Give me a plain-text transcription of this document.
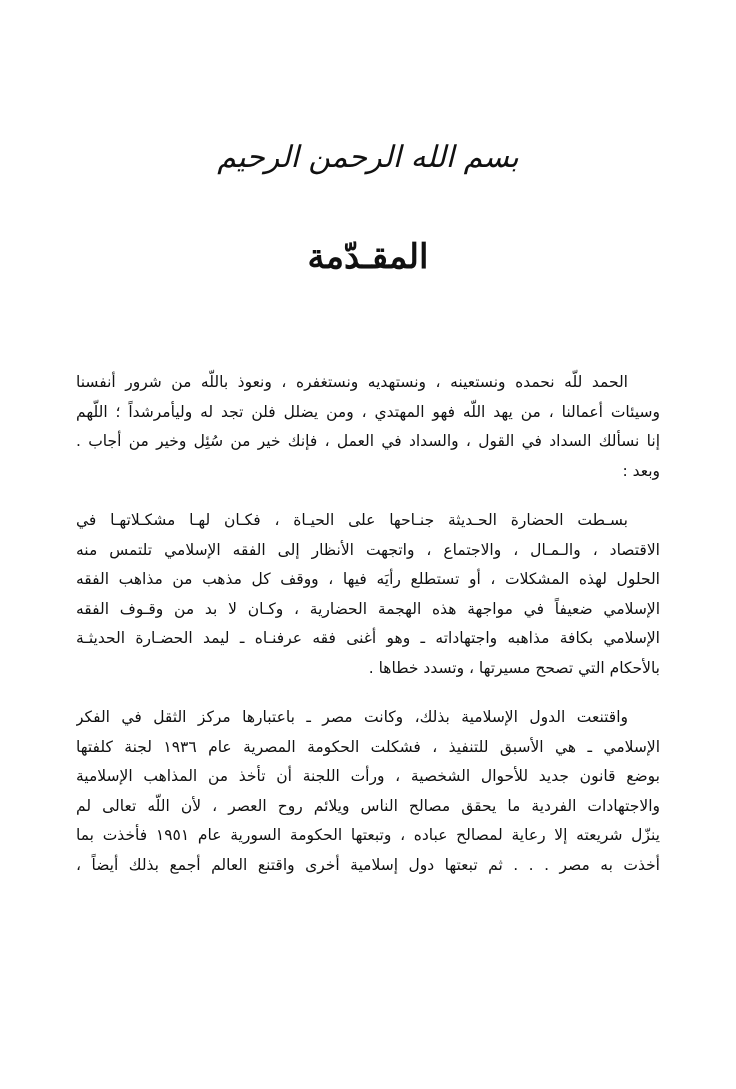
بسم الله الرحمن الرحيم
المقـدّمة
الحمد للّه نحمده ونستعينه ، ونستهديه ونستغفره ، ونعوذ باللّه من شرور أنفسنا
وسيئات أعمالنا ، من يهد اللّه فهو المهتدي ، ومن يضلل فلن تجد له وليأمرشداً ؛ اللّهم
إنا نسألك السداد في القول ، والسداد في العمل ، فإنك خير من سُئِل وخير من أجاب .
وبعد :
بسـطت الحضارة الحـديثة جنـاحها على الحيـاة ، فكـان لهـا مشكـلاتهـا في
الاقتصاد ، والـمـال ، والاجتماع ، واتجهت الأنظار إلى الفقه الإسلامي تلتمس منه
الحلول لهذه المشكلات ، أو تستطلع رأيَه فيها ، ووقف كل مذهب من مذاهب الفقه
الإسلامي ضعيفاً في مواجهة هذه الهجمة الحضارية ، وكـان لا بد من وقـوف الفقه
الإسلامي بكافة مذاهبه واجتهاداته ـ وهو أغنى فقه عرفنـاه ـ ليمد الحضـارة الحديثـة
بالأحكام التي تصحح مسيرتها ، وتسدد خطاها .
واقتنعت الدول الإسلامية بذلك، وكانت مصر ـ باعتبارها مركز الثقل في الفكر
الإسلامي ـ هي الأسبق للتنفيذ ، فشكلت الحكومة المصرية عام ١٩٣٦ لجنة كلفتها
بوضع قانون جديد للأحوال الشخصية ، ورأت اللجنة أن تأخذ من المذاهب الإسلامية
والاجتهادات الفردية ما يحقق مصالح الناس ويلائم روح العصر ، لأن اللّه تعالى لم
ينزّل شريعته إلا رعاية لمصالح عباده ، وتبعتها الحكومة السورية عام ١٩٥١ فأخذت بما
أخذت به مصر . . . ثم تبعتها دول إسلامية أخرى واقتنع العالم أجمع بذلك أيضاً ،
